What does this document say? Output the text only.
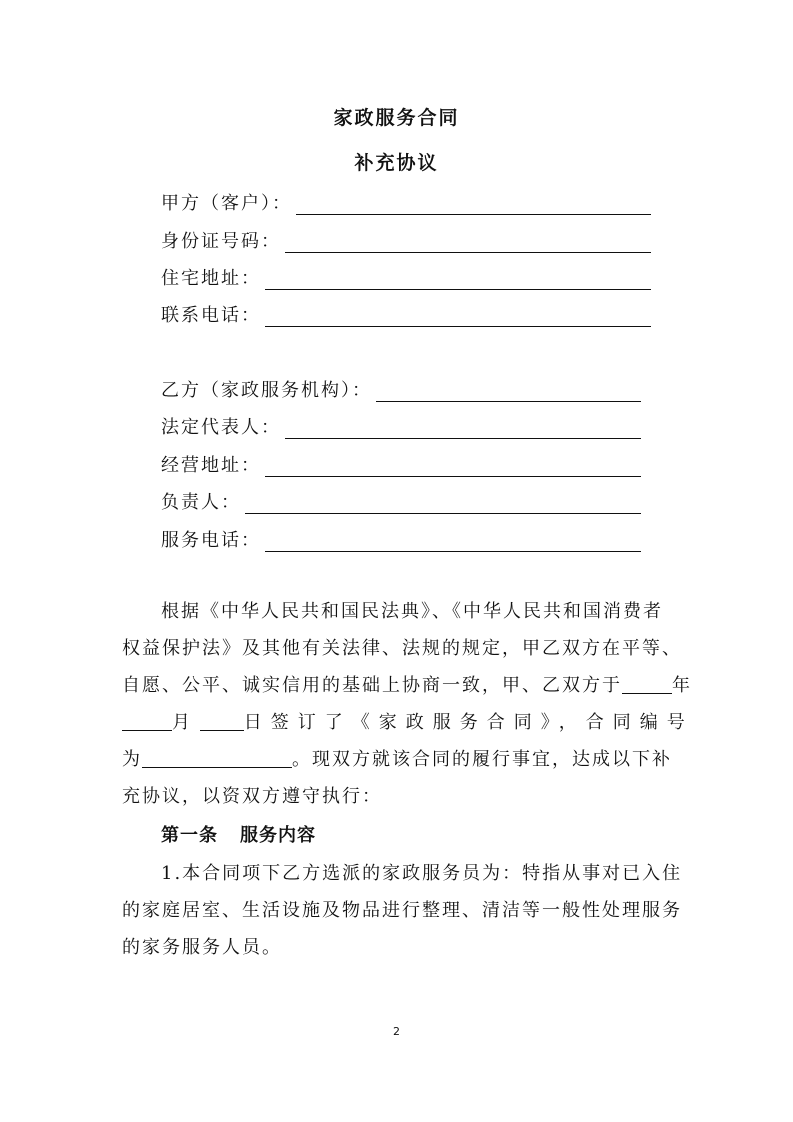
家政服务合同
补充协议
甲方（客户）：
身份证号码：
住宅地址：
联系电话：
乙方（家政服务机构）：
法定代表人：
经营地址：
负责人：
服务电话：
根据《中华人民共和国民法典》、《中华人民共和国消费者
权益保护法》及其他有关法律、法规的规定，甲乙双方在平等、
自愿、公平、诚实信用的基础上协商一致，甲、乙双方于	年
月	日签订了《家政服务合同》，合同编号
为	。现双方就该合同的履行事宜，达成以下补
充协议，以资双方遵守执行：
第一条 服务内容
1.本合同项下乙方选派的家政服务员为：特指从事对已入住
的家庭居室、生活设施及物品进行整理、清洁等一般性处理服务
的家务服务人员。
2
